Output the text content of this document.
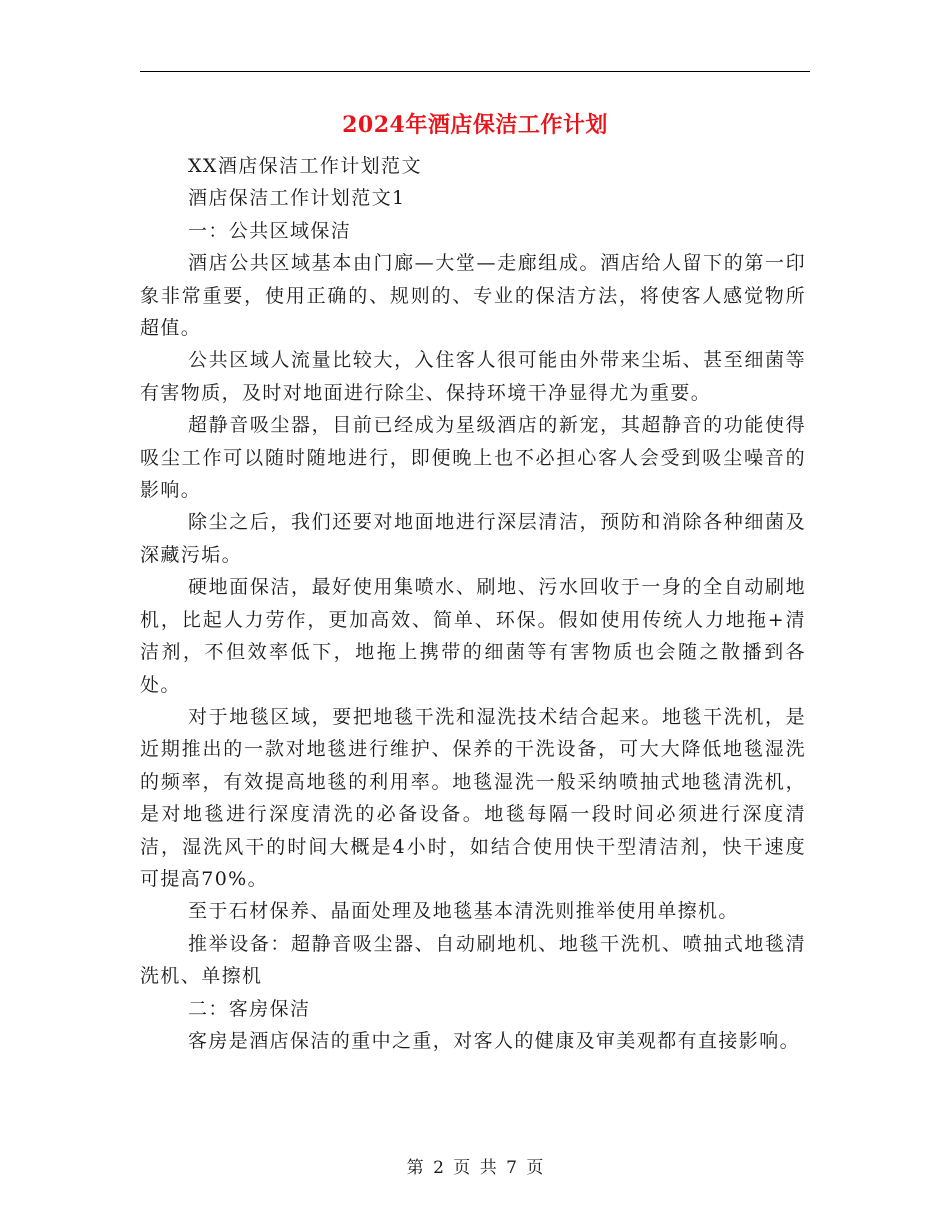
2024年酒店保洁工作计划

XX酒店保洁工作计划范文

酒店保洁工作计划范文1

一：公共区域保洁

酒店公共区域基本由门廊—大堂—走廊组成。酒店给人留下的第一印象非常重要，使用正确的、规则的、专业的保洁方法，将使客人感觉物所超值。

公共区域人流量比较大，入住客人很可能由外带来尘垢、甚至细菌等有害物质，及时对地面进行除尘、保持环境干净显得尤为重要。

超静音吸尘器，目前已经成为星级酒店的新宠，其超静音的功能使得吸尘工作可以随时随地进行，即便晚上也不必担心客人会受到吸尘噪音的影响。

除尘之后，我们还要对地面地进行深层清洁，预防和消除各种细菌及深藏污垢。

硬地面保洁，最好使用集喷水、刷地、污水回收于一身的全自动刷地机，比起人力劳作，更加高效、简单、环保。假如使用传统人力地拖+清洁剂，不但效率低下，地拖上携带的细菌等有害物质也会随之散播到各处。

对于地毯区域，要把地毯干洗和湿洗技术结合起来。地毯干洗机，是近期推出的一款对地毯进行维护、保养的干洗设备，可大大降低地毯湿洗的频率，有效提高地毯的利用率。地毯湿洗一般采纳喷抽式地毯清洗机，是对地毯进行深度清洗的必备设备。地毯每隔一段时间必须进行深度清洁，湿洗风干的时间大概是4小时，如结合使用快干型清洁剂，快干速度可提高70%。

至于石材保养、晶面处理及地毯基本清洗则推举使用单擦机。

推举设备：超静音吸尘器、自动刷地机、地毯干洗机、喷抽式地毯清洗机、单擦机

二：客房保洁

客房是酒店保洁的重中之重，对客人的健康及审美观都有直接影响。

第 2 页 共 7 页
